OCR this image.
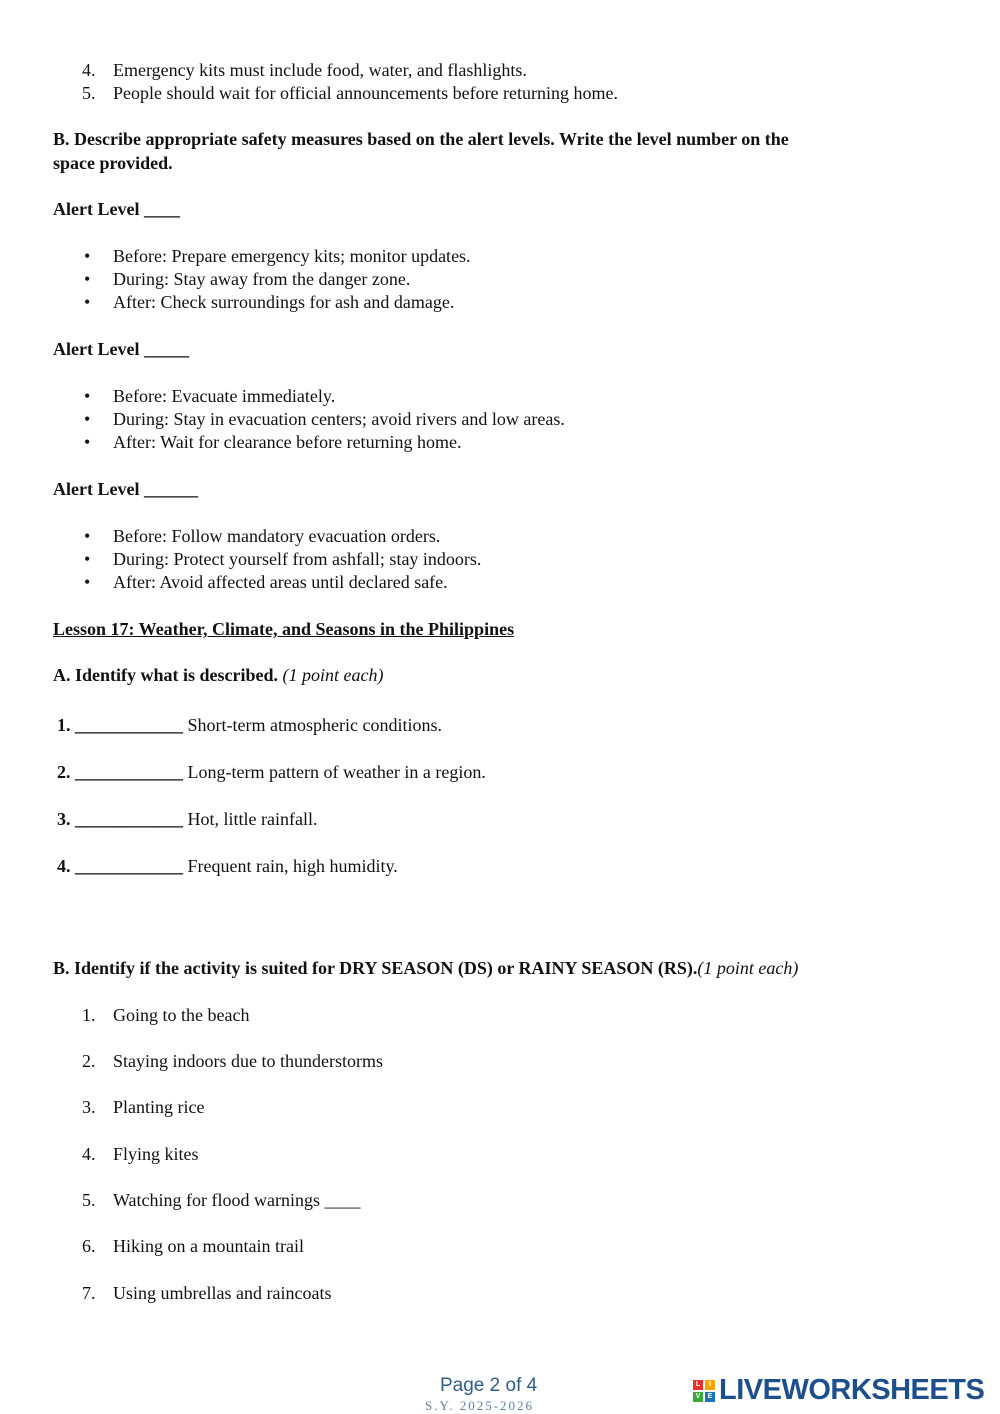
4. Emergency kits must include food, water, and flashlights.
5. People should wait for official announcements before returning home.
B. Describe appropriate safety measures based on the alert levels. Write the level number on the
space provided.
Alert Level ____
• Before: Prepare emergency kits; monitor updates.
• During: Stay away from the danger zone.
• After: Check surroundings for ash and damage.
Alert Level _____
• Before: Evacuate immediately.
• During: Stay in evacuation centers; avoid rivers and low areas.
• After: Wait for clearance before returning home.
Alert Level ______
• Before: Follow mandatory evacuation orders.
• During: Protect yourself from ashfall; stay indoors.
• After: Avoid affected areas until declared safe.
Lesson 17: Weather, Climate, and Seasons in the Philippines
A. Identify what is described. (1 point each)
1. ____________ Short-term atmospheric conditions.
2. ____________ Long-term pattern of weather in a region.
3. ____________ Hot, little rainfall.
4. ____________ Frequent rain, high humidity.
B. Identify if the activity is suited for DRY SEASON (DS) or RAINY SEASON (RS).(1 point each)
1. Going to the beach
2. Staying indoors due to thunderstorms
3. Planting rice
4. Flying kites
5. Watching for flood warnings ____
6. Hiking on a mountain trail
7. Using umbrellas and raincoats
Page 2 of 4
S.Y. 2025-2026
L	I
V	E LIVEWORKSHEETS
